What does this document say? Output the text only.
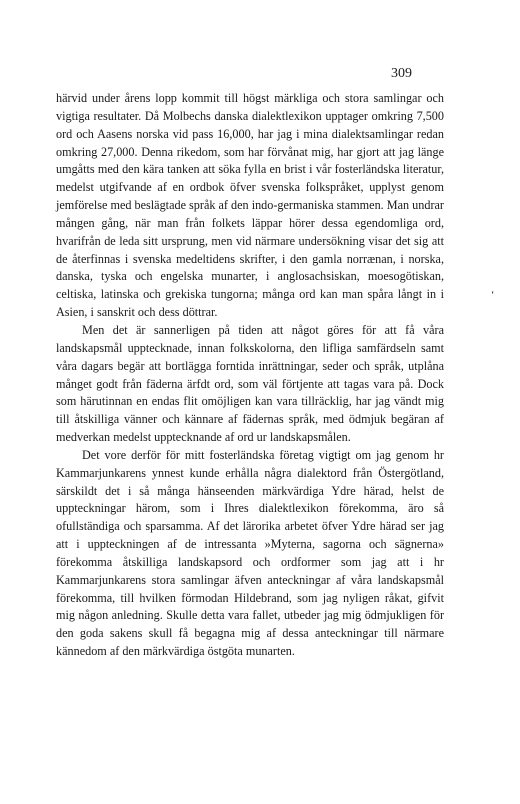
309
ʻ

härvid under årens lopp kommit till högst märkliga och stora samlingar och vigtiga resultater. Då Molbechs danska dialektlexikon upptager omkring 7,500 ord och Aasens norska vid pass 16,000, har jag i mina dialektsamlingar redan omkring 27,000. Denna rikedom, som har förvånat mig, har gjort att jag länge umgåtts med den kära tanken att söka fylla en brist i vår fosterländska literatur, medelst utgifvande af en ordbok öfver svenska folkspråket, upplyst genom jemförelse med beslägtade språk af den indo-germaniska stammen. Man undrar mången gång, när man från folkets läppar hörer dessa egendomliga ord, hvarifrån de leda sitt ursprung, men vid närmare undersökning visar det sig att de återfinnas i svenska medeltidens skrifter, i den gamla norrænan, i norska, danska, tyska och engelska munarter, i anglosachsiskan, moesogötiskan, celtiska, latinska och grekiska tungorna; många ord kan man spåra långt in i Asien, i sanskrit och dess döttrar.

Men det är sannerligen på tiden att något göres för att få våra landskapsmål upptecknade, innan folkskolorna, den lifliga samfärdseln samt våra dagars begär att bortlägga forntida inrättningar, seder och språk, utplåna månget godt från fäderna ärfdt ord, som väl förtjente att tagas vara på. Dock som härutinnan en endas flit omöjligen kan vara tillräcklig, har jag vändt mig till åtskilliga vänner och kännare af fädernas språk, med ödmjuk begäran af medverkan medelst upptecknande af ord ur landskapsmålen.

Det vore derför för mitt fosterländska företag vigtigt om jag genom hr Kammarjunkarens ynnest kunde erhålla några dialektord från Östergötland, särskildt det i så många hänseenden märkvärdiga Ydre härad, helst de uppteckningar härom, som i Ihres dialektlexikon förekomma, äro så ofullständiga och sparsamma. Af det lärorika arbetet öfver Ydre härad ser jag att i uppteckningen af de intressanta »Myterna, sagorna och sägnerna» förekomma åtskilliga landskapsord och ordformer som jag att i hr Kammarjunkarens stora samlingar äfven anteckningar af våra landskapsmål förekomma, till hvilken förmodan Hildebrand, som jag nyligen råkat, gifvit mig någon anledning. Skulle detta vara fallet, utbeder jag mig ödmjukligen för den goda sakens skull få begagna mig af dessa anteckningar till närmare kännedom af den märkvärdiga östgöta munarten.
